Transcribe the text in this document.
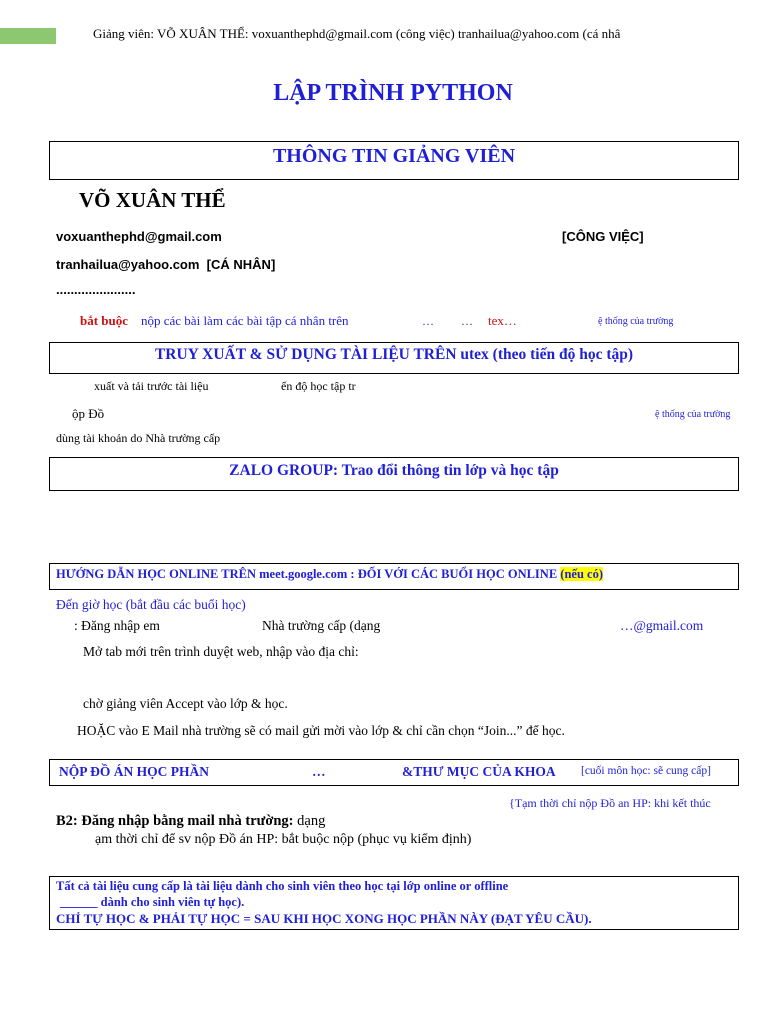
Giảng viên: VÕ XUÂN THỂ: voxuanthephd@gmail.com (công việc) tranhailua@yahoo.com (cá nhâ
LẬP TRÌNH PYTHON
THÔNG TIN GIẢNG VIÊN
VÕ XUÂN THỂ
voxuanthephd@gmail.com	[CÔNG VIỆC]
tranhailua@yahoo.com [CÁ NHÂN]
......................
bắt buộc nộp các bài làm các bài tập cá nhân trên	… … tex…	ệ thống của trường
TRUY XUẤT & SỬ DỤNG TÀI LIỆU TRÊN utex (theo tiến độ học tập)
xuất và tải trước tài liệu	ến độ học tập tr
ộp Đồ	ệ thống của trường
dùng tài khoản do Nhà trường cấp
ZALO GROUP: Trao đổi thông tin lớp và học tập
HƯỚNG DẪN HỌC ONLINE TRÊN meet.google.com : ĐỐI VỚI CÁC BUỔI HỌC ONLINE (nếu có)
Đến giờ học (bắt đầu các buổi học)
: Đăng nhập em	Nhà trường cấp (dạng	…@gmail.com
Mở tab mới trên trình duyệt web, nhập vào địa chỉ:
chờ giảng viên Accept vào lớp & học.
HOẶC vào E Mail nhà trường sẽ có mail gửi mời vào lớp & chỉ cần chọn “Join...” để học.
NỘP ĐỒ ÁN HỌC PHẦN	…	&THƯ MỤC CỦA KHOA [cuối môn học: sẽ cung cấp]
{Tạm thời chỉ nộp Đồ an HP: khi kết thúc
B2: Đăng nhập bằng mail nhà trường: dạng
ạm thời chỉ để sv nộp Đồ án HP: bắt buộc nộp (phục vụ kiểm định)
Tất cả tài liệu cung cấp là tài liệu dành cho sinh viên theo học tại lớp online or offline
______ dành cho sinh viên tự học).
CHỈ TỰ HỌC & PHẢI TỰ HỌC = SAU KHI HỌC XONG HỌC PHẦN NÀY (ĐẠT YÊU CẦU).
